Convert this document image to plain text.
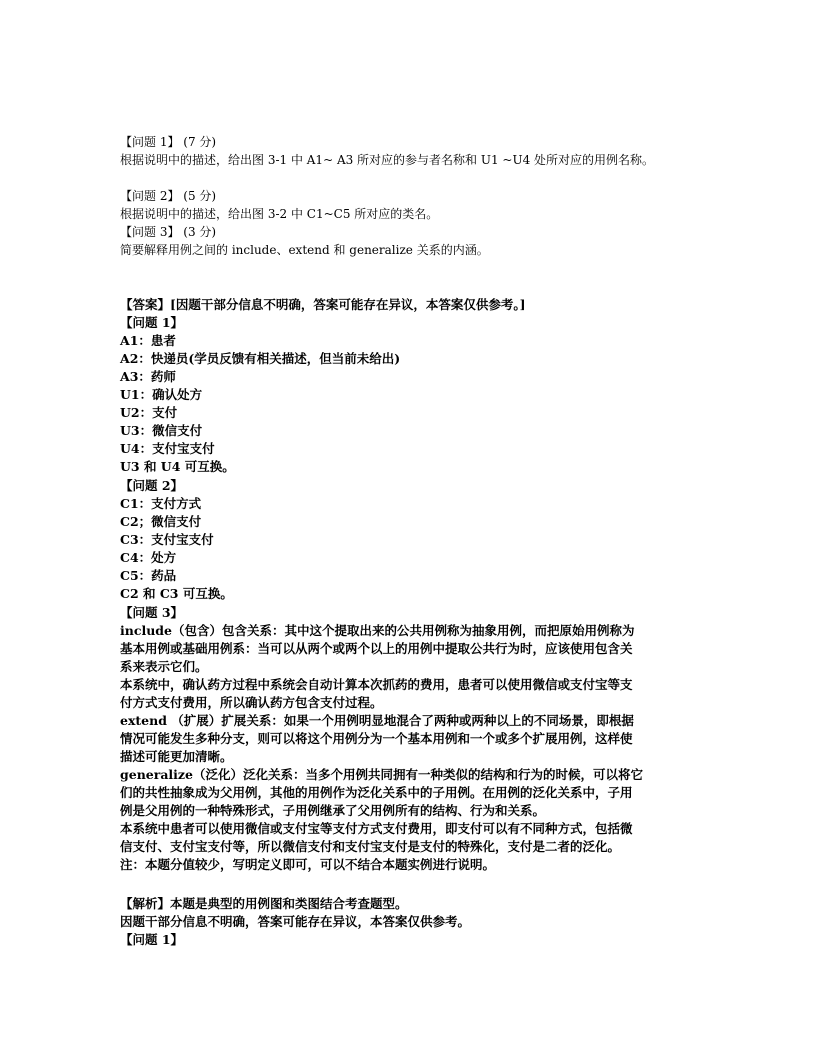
【问题 1】 (7 分)
根据说明中的描述，给出图 3-1 中 A1~ A3 所对应的参与者名称和 U1 ~U4 处所对应的用例名称。
【问题 2】 (5 分)
根据说明中的描述，给出图 3-2 中 C1~C5 所对应的类名。
【问题 3】 (3 分)
简要解释用例之间的 include、extend 和 generalize 关系的内涵。
【答案】[因题干部分信息不明确，答案可能存在异议，本答案仅供参考。]
【问题 1】
A1：患者
A2：快递员(学员反馈有相关描述，但当前未给出)
A3：药师
U1：确认处方
U2：支付
U3：微信支付
U4：支付宝支付
U3 和 U4 可互换。
【问题 2】
C1：支付方式
C2；微信支付
C3：支付宝支付
C4：处方
C5：药品
C2 和 C3 可互换。
【问题 3】
include（包含）包含关系：其中这个提取出来的公共用例称为抽象用例，而把原始用例称为
基本用例或基础用例系：当可以从两个或两个以上的用例中提取公共行为时，应该使用包含关
系来表示它们。
本系统中，确认药方过程中系统会自动计算本次抓药的费用，患者可以使用微信或支付宝等支
付方式支付费用，所以确认药方包含支付过程。
extend （扩展）扩展关系：如果一个用例明显地混合了两种或两种以上的不同场景，即根据
情况可能发生多种分支，则可以将这个用例分为一个基本用例和一个或多个扩展用例，这样使
描述可能更加清晰。
generalize（泛化）泛化关系：当多个用例共同拥有一种类似的结构和行为的时候，可以将它
们的共性抽象成为父用例，其他的用例作为泛化关系中的子用例。在用例的泛化关系中，子用
例是父用例的一种特殊形式，子用例继承了父用例所有的结构、行为和关系。
本系统中患者可以使用微信或支付宝等支付方式支付费用，即支付可以有不同种方式，包括微
信支付、支付宝支付等，所以微信支付和支付宝支付是支付的特殊化，支付是二者的泛化。
注：本题分值较少，写明定义即可，可以不结合本题实例进行说明。
【解析】本题是典型的用例图和类图结合考查题型。
因题干部分信息不明确，答案可能存在异议，本答案仅供参考。
【问题 1】
